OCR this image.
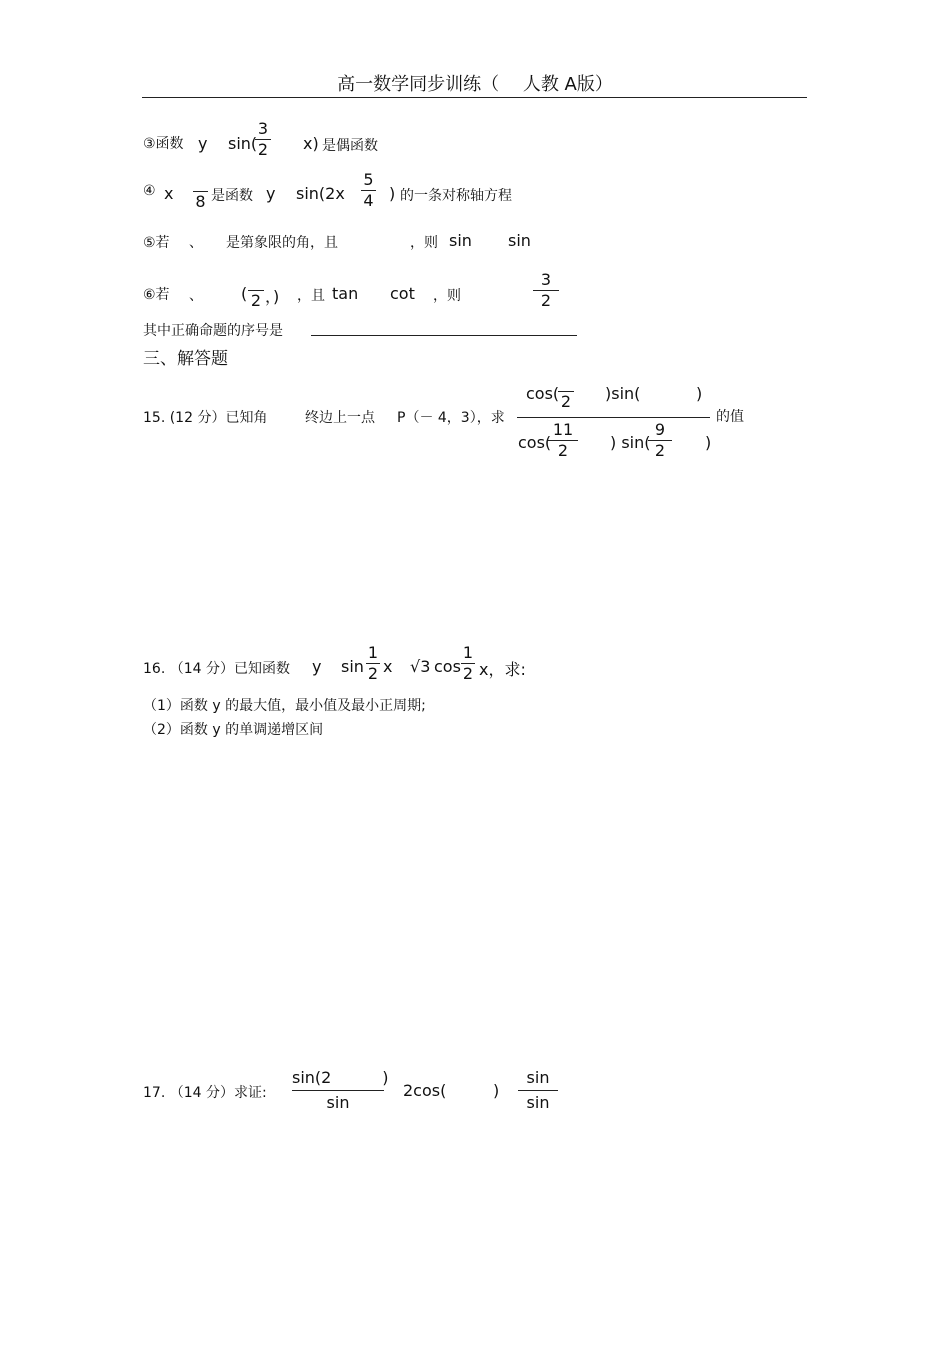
高一数学同步训练（　 人教 A版）
③函数 y sin(
3
2 x) 是偶函数
④ x 8 是函数 y sin(2x
5
4 ) 的一条对称轴方程
⑤若 、 是第象限的角，且	，则 sin sin
⑥若 、 ( 2 ，) ，且 tan cot ，则
3
2
其中正确命题的序号是
三、解答题
15. (12 分）已知角	终边上一点 P（－ 4，3），求
cos( 2 )sin(	)
cos(
11
2	) sin(
9
2	)
的值
16. （14 分）已知函数 y sin
1
2 x √3 cos
1
2 x，求:
（1）函数 y 的最大值，最小值及最小正周期;
（2）函数 y 的单调递增区间
17. （14 分）求证:
sin(2          )
sin
2cos(	)
sin
sin
